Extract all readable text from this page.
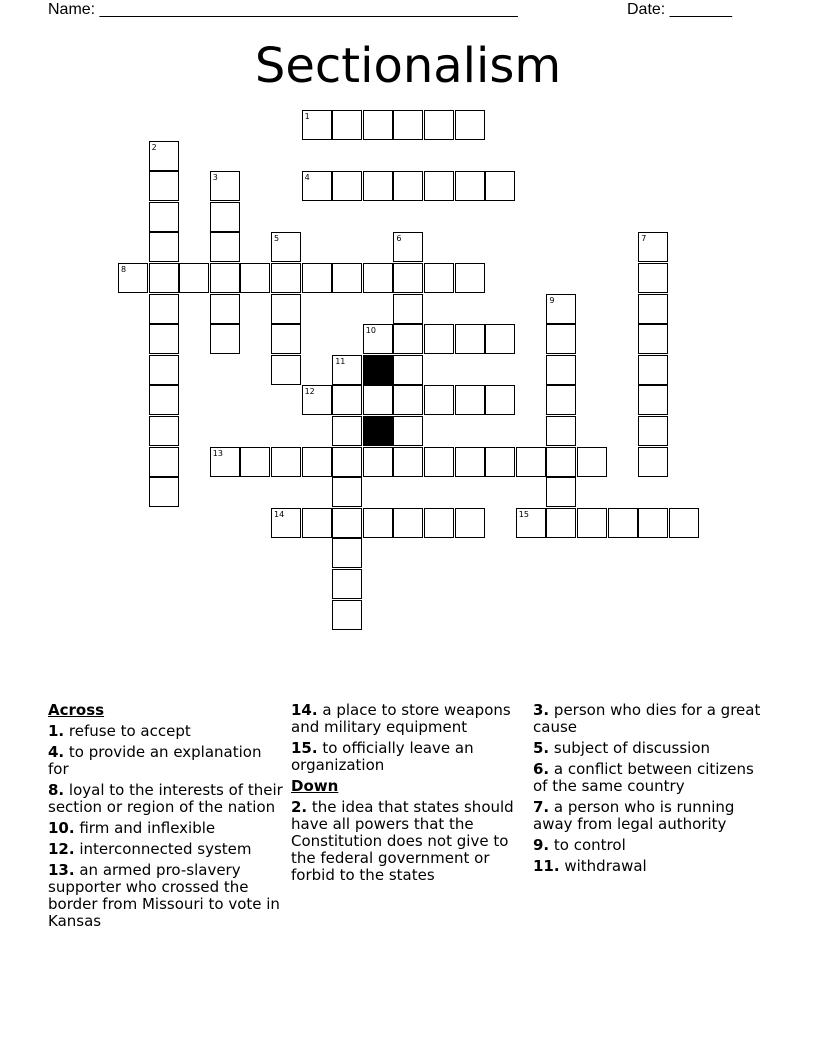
Name: _______________________________________________	Date: _______
Sectionalism
1
2
3	4
5	6	7
8
9
10
11
12
13
14	15
Across
1. refuse to accept
4. to provide an explanation for
8. loyal to the interests of their section or region of the nation
10. firm and inflexible
12. interconnected system
13. an armed pro-slavery supporter who crossed the border from Missouri to vote in Kansas
14. a place to store weapons and military equipment
15. to officially leave an organization
Down
2. the idea that states should have all powers that the Constitution does not give to the federal government or forbid to the states
3. person who dies for a great cause
5. subject of discussion
6. a conflict between citizens of the same country
7. a person who is running away from legal authority
9. to control
11. withdrawal
